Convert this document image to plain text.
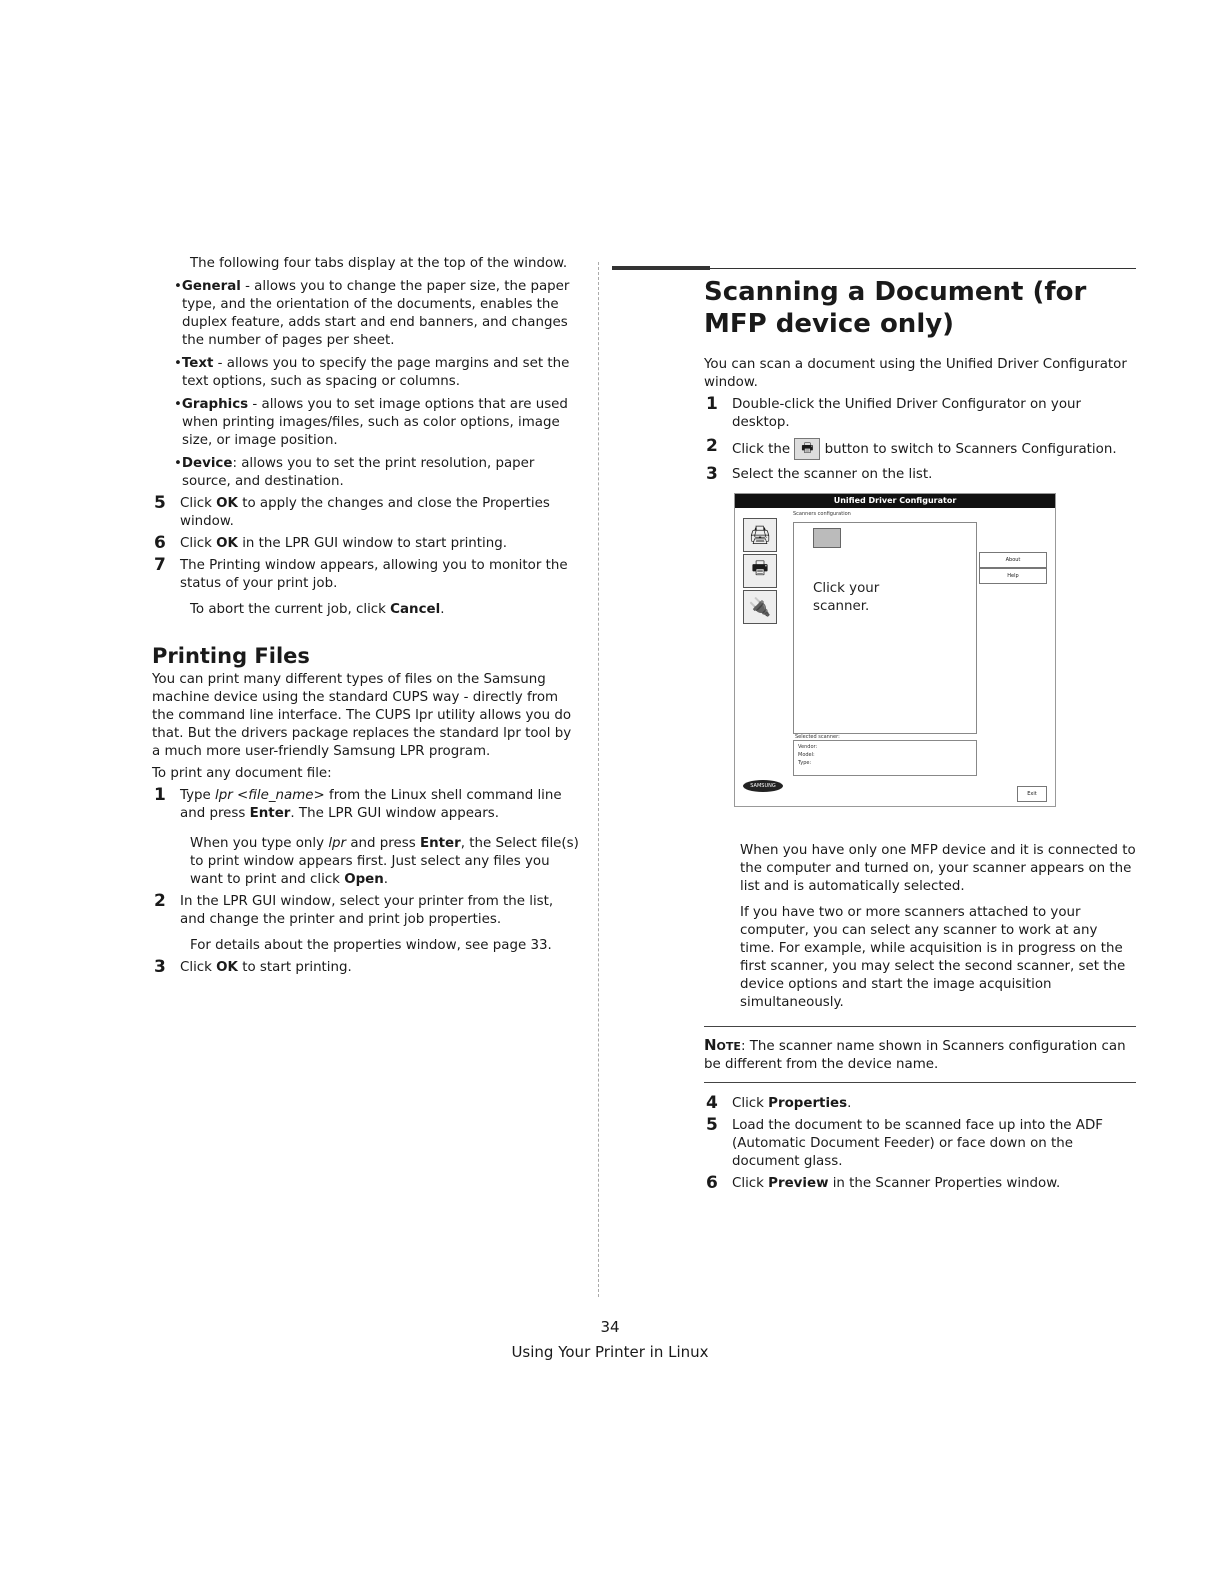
The following four tabs display at the top of the window.

•General - allows you to change the paper size, the paper type, and the orientation of the documents, enables the duplex feature, adds start and end banners, and changes the number of pages per sheet.

•Text - allows you to specify the page margins and set the text options, such as spacing or columns.

•Graphics - allows you to set image options that are used when printing images/files, such as color options, image size, or image position.

•Device: allows you to set the print resolution, paper source, and destination.

5 Click OK to apply the changes and close the Properties window.
6 Click OK in the LPR GUI window to start printing.
7 The Printing window appears, allowing you to monitor the status of your print job.

To abort the current job, click Cancel.

Printing Files

You can print many different types of files on the Samsung machine device using the standard CUPS way - directly from the command line interface. The CUPS lpr utility allows you do that. But the drivers package replaces the standard lpr tool by a much more user-friendly Samsung LPR program.

To print any document file:

1 Type lpr <file_name> from the Linux shell command line and press Enter. The LPR GUI window appears.

When you type only lpr and press Enter, the Select file(s) to print window appears first. Just select any files you want to print and click Open.

2 In the LPR GUI window, select your printer from the list, and change the printer and print job properties.

For details about the properties window, see page 33.

3 Click OK to start printing.
Scanning a Document (for MFP device only)

You can scan a document using the Unified Driver Configurator window.

1 Double-click the Unified Driver Configurator on your desktop.
2 Click the 🖶 button to switch to Scanners Configuration.
3 Select the scanner on the list.

When you have only one MFP device and it is connected to the computer and turned on, your scanner appears on the list and is automatically selected.

If you have two or more scanners attached to your computer, you can select any scanner to work at any time. For example, while acquisition is in progress on the first scanner, you may select the second scanner, set the device options and start the image acquisition simultaneously.

Note: The scanner name shown in Scanners configuration can be different from the device name.
4 Click Properties.
5 Load the document to be scanned face up into the ADF (Automatic Document Feeder) or face down on the document glass.
6 Click Preview in the Scanner Properties window.
Unified Driver Configurator
Scanners configuration
🖨
🖶
🔌
Click your
scanner.
Selected scanner:
Vendor:
Model:
Type:
About
Help
Exit
SAMSUNG
34
Using Your Printer in Linux
